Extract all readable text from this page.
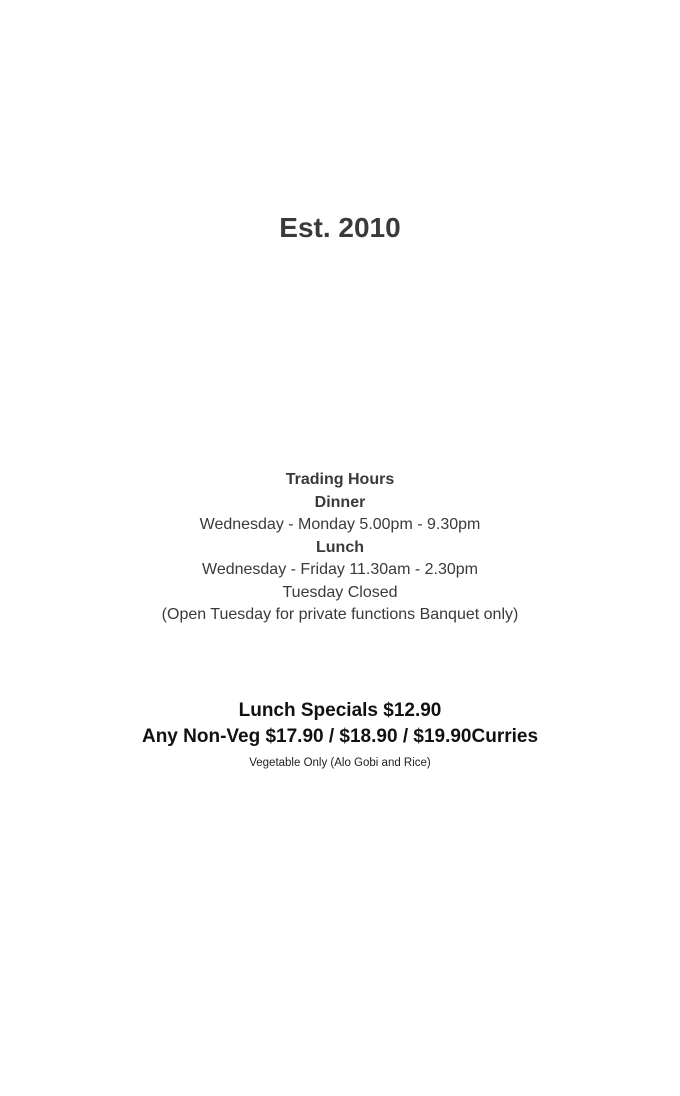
Est. 2010
Trading Hours
Dinner
Wednesday - Monday 5.00pm - 9.30pm
Lunch
Wednesday - Friday 11.30am - 2.30pm
Tuesday Closed
(Open Tuesday for private functions Banquet only)
Lunch Specials $12.90
Any Non-Veg $17.90 / $18.90 / $19.90Curries
Vegetable Only (Alo Gobi and Rice)
